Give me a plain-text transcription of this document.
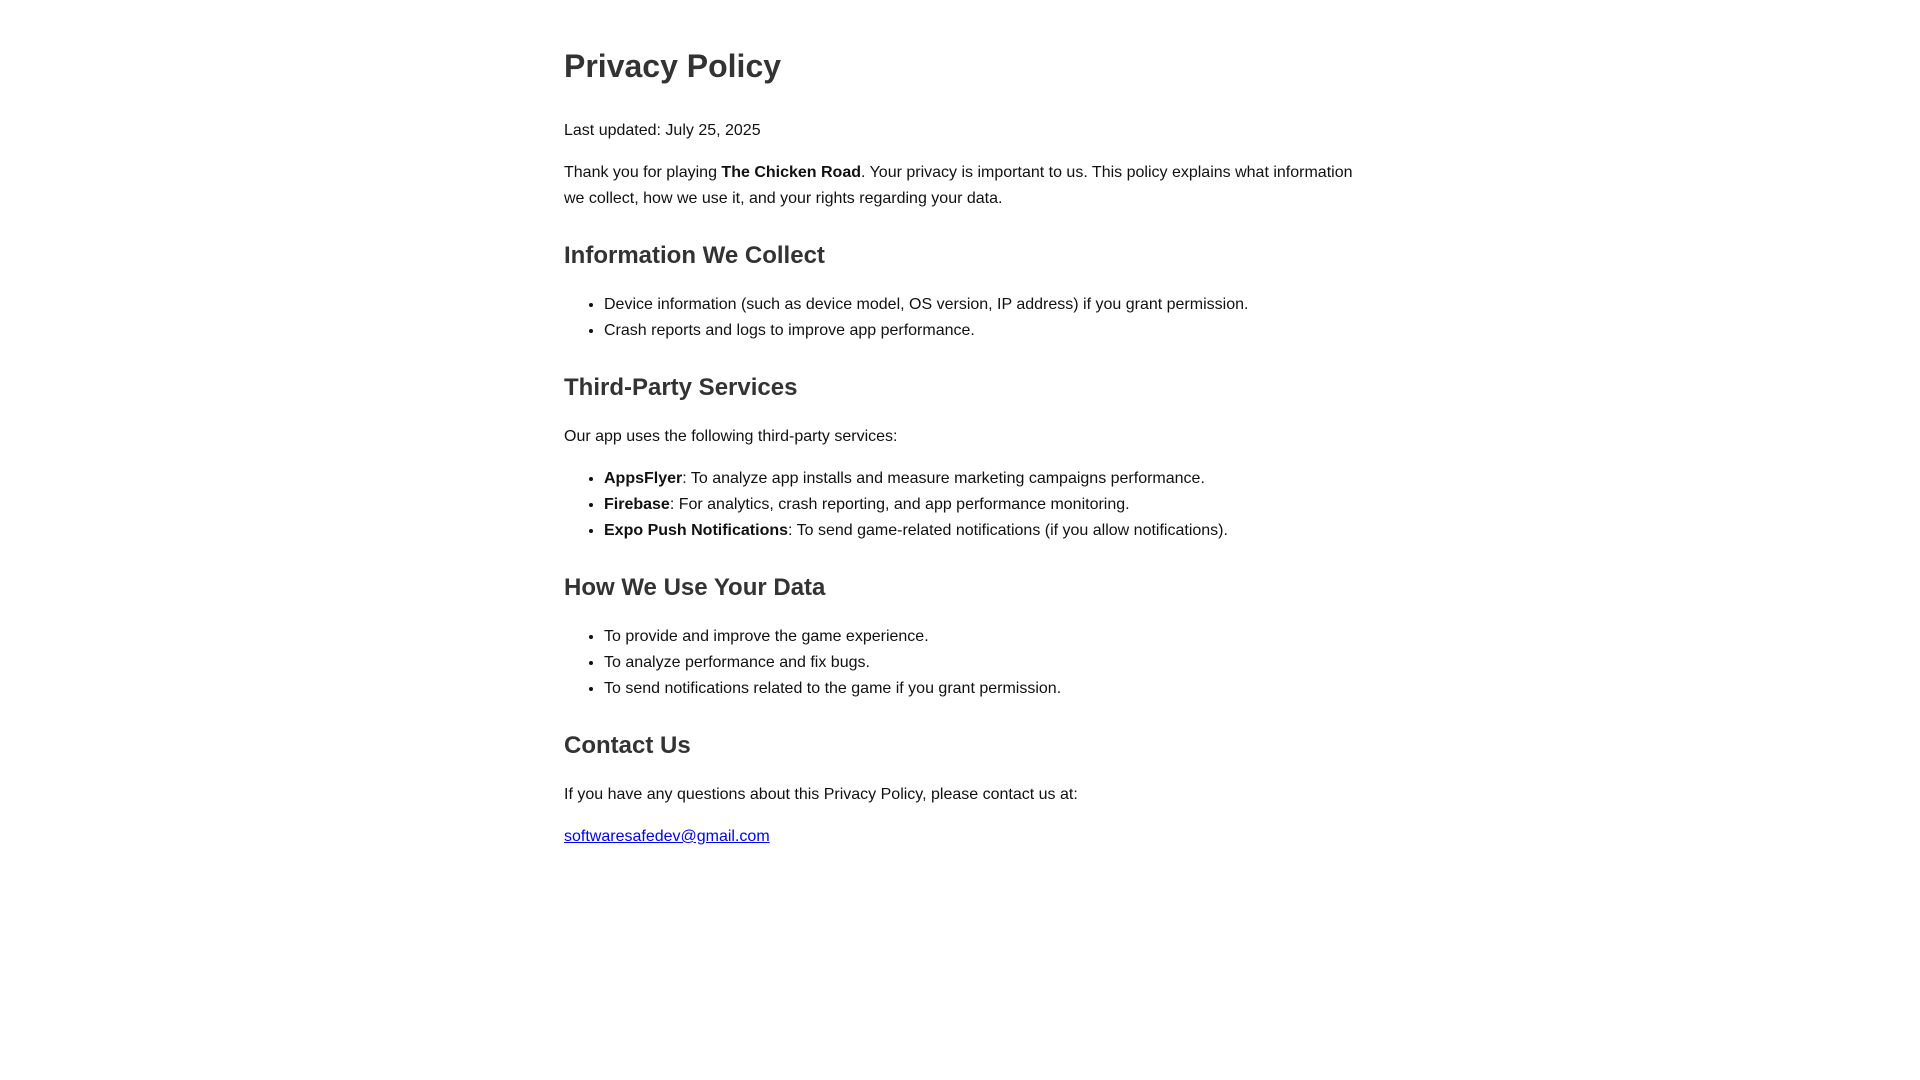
Privacy Policy

Last updated: July 25, 2025

Thank you for playing The Chicken Road. Your privacy is important to us. This policy explains what information we collect, how we use it, and your rights regarding your data.

Information We Collect
• Device information (such as device model, OS version, IP address) if you grant permission.
• Crash reports and logs to improve app performance.
Third-Party Services

Our app uses the following third-party services:

• AppsFlyer: To analyze app installs and measure marketing campaigns performance.
• Firebase: For analytics, crash reporting, and app performance monitoring.
• Expo Push Notifications: To send game-related notifications (if you allow notifications).
How We Use Your Data
• To provide and improve the game experience.
• To analyze performance and fix bugs.
• To send notifications related to the game if you grant permission.
Contact Us

If you have any questions about this Privacy Policy, please contact us at:

softwaresafedev@gmail.com
